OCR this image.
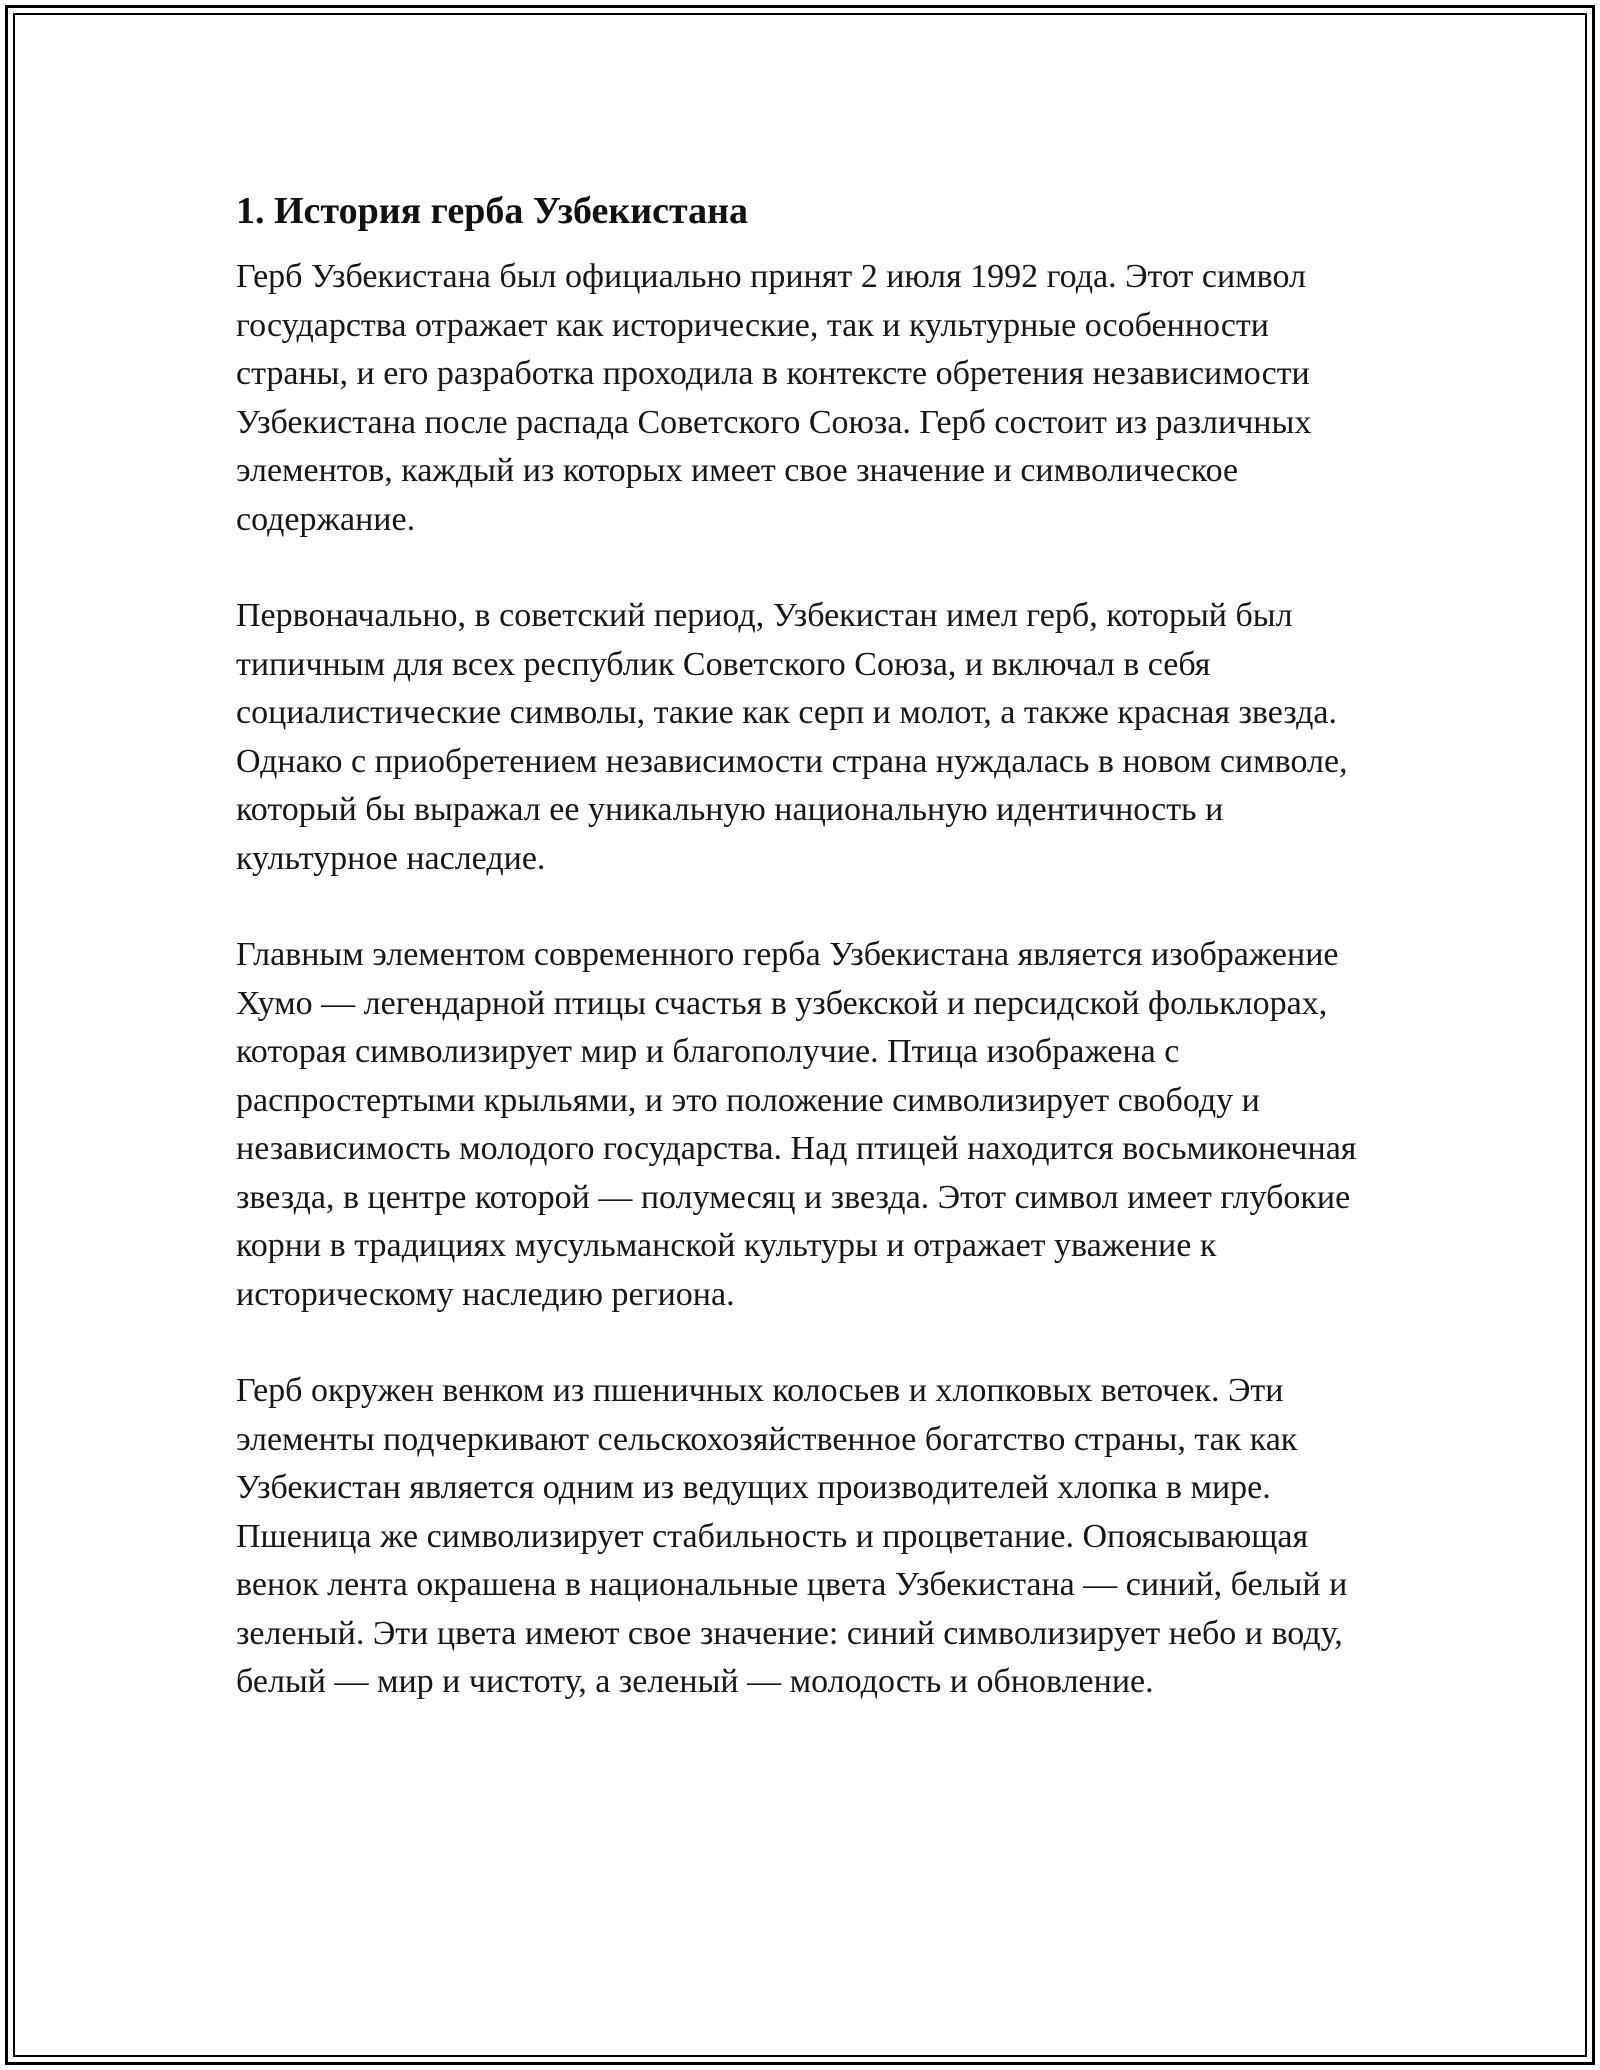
1. История герба Узбекистана

Герб Узбекистана был официально принят 2 июля 1992 года. Этот символ государства отражает как исторические, так и культурные особенности страны, и его разработка проходила в контексте обретения независимости Узбекистана после распада Советского Союза. Герб состоит из различных элементов, каждый из которых имеет свое значение и символическое содержание.

Первоначально, в советский период, Узбекистан имел герб, который был типичным для всех республик Советского Союза, и включал в себя социалистические символы, такие как серп и молот, а также красная звезда. Однако с приобретением независимости страна нуждалась в новом символе, который бы выражал ее уникальную национальную идентичность и культурное наследие.

Главным элементом современного герба Узбекистана является изображение Хумо — легендарной птицы счастья в узбекской и персидской фольклорах, которая символизирует мир и благополучие. Птица изображена с распростертыми крыльями, и это положение символизирует свободу и независимость молодого государства. Над птицей находится восьмиконечная звезда, в центре которой — полумесяц и звезда. Этот символ имеет глубокие корни в традициях мусульманской культуры и отражает уважение к историческому наследию региона.

Герб окружен венком из пшеничных колосьев и хлопковых веточек. Эти элементы подчеркивают сельскохозяйственное богатство страны, так как Узбекистан является одним из ведущих производителей хлопка в мире. Пшеница же символизирует стабильность и процветание. Опоясывающая венок лента окрашена в национальные цвета Узбекистана — синий, белый и зеленый. Эти цвета имеют свое значение: синий символизирует небо и воду, белый — мир и чистоту, а зеленый — молодость и обновление.
